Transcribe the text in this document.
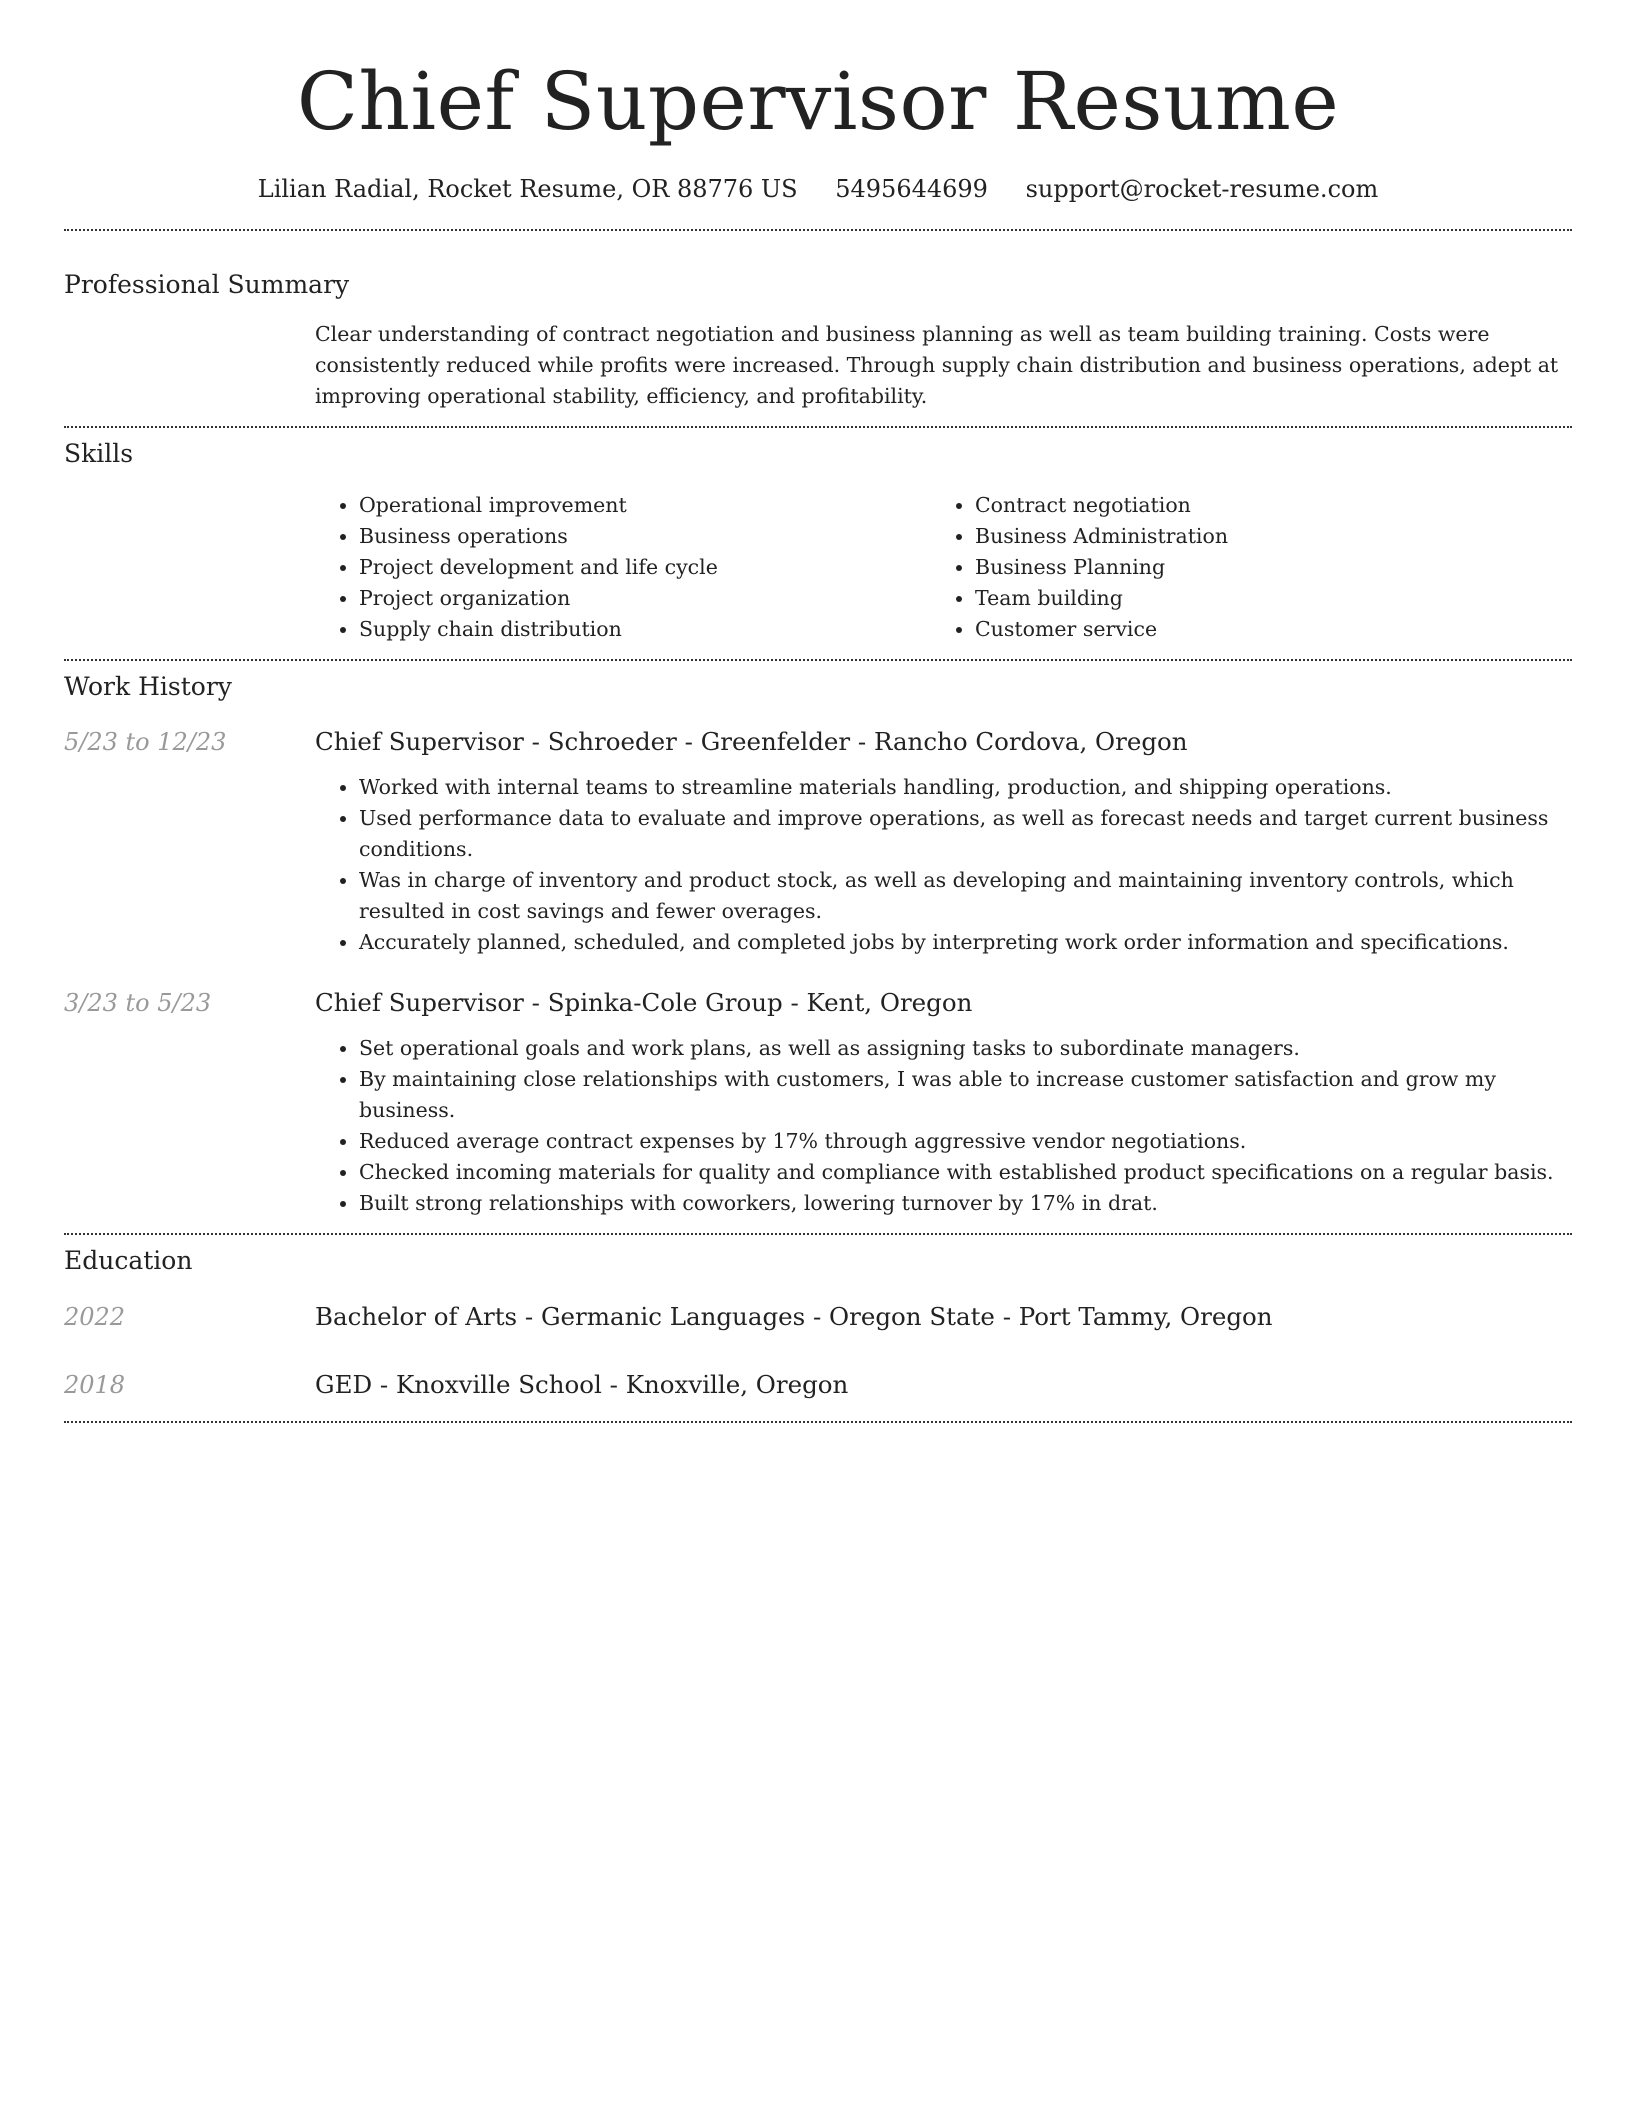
Chief Supervisor Resume
Lilian Radial, Rocket Resume, OR 88776 US 5495644699 support@rocket-resume.com
Professional Summary

Clear understanding of contract negotiation and business planning as well as team building training. Costs were consistently reduced while profits were increased. Through supply chain distribution and business operations, adept at improving operational stability, efficiency, and profitability.

Skills
• Operational improvement
• Business operations
• Project development and life cycle
• Project organization
• Supply chain distribution
• Contract negotiation
• Business Administration
• Business Planning
• Team building
• Customer service
Work History
5/23 to 12/23	Chief Supervisor - Schroeder - Greenfelder - Rancho Cordova, Oregon
• Worked with internal teams to streamline materials handling, production, and shipping operations.
• Used performance data to evaluate and improve operations, as well as forecast needs and target current business conditions.
• Was in charge of inventory and product stock, as well as developing and maintaining inventory controls, which resulted in cost savings and fewer overages.
• Accurately planned, scheduled, and completed jobs by interpreting work order information and specifications.
3/23 to 5/23	Chief Supervisor - Spinka-Cole Group - Kent, Oregon
• Set operational goals and work plans, as well as assigning tasks to subordinate managers.
• By maintaining close relationships with customers, I was able to increase customer satisfaction and grow my business.
• Reduced average contract expenses by 17% through aggressive vendor negotiations.
• Checked incoming materials for quality and compliance with established product specifications on a regular basis.
• Built strong relationships with coworkers, lowering turnover by 17% in drat.
Education
2022	Bachelor of Arts - Germanic Languages - Oregon State - Port Tammy, Oregon
2018	GED - Knoxville School - Knoxville, Oregon
